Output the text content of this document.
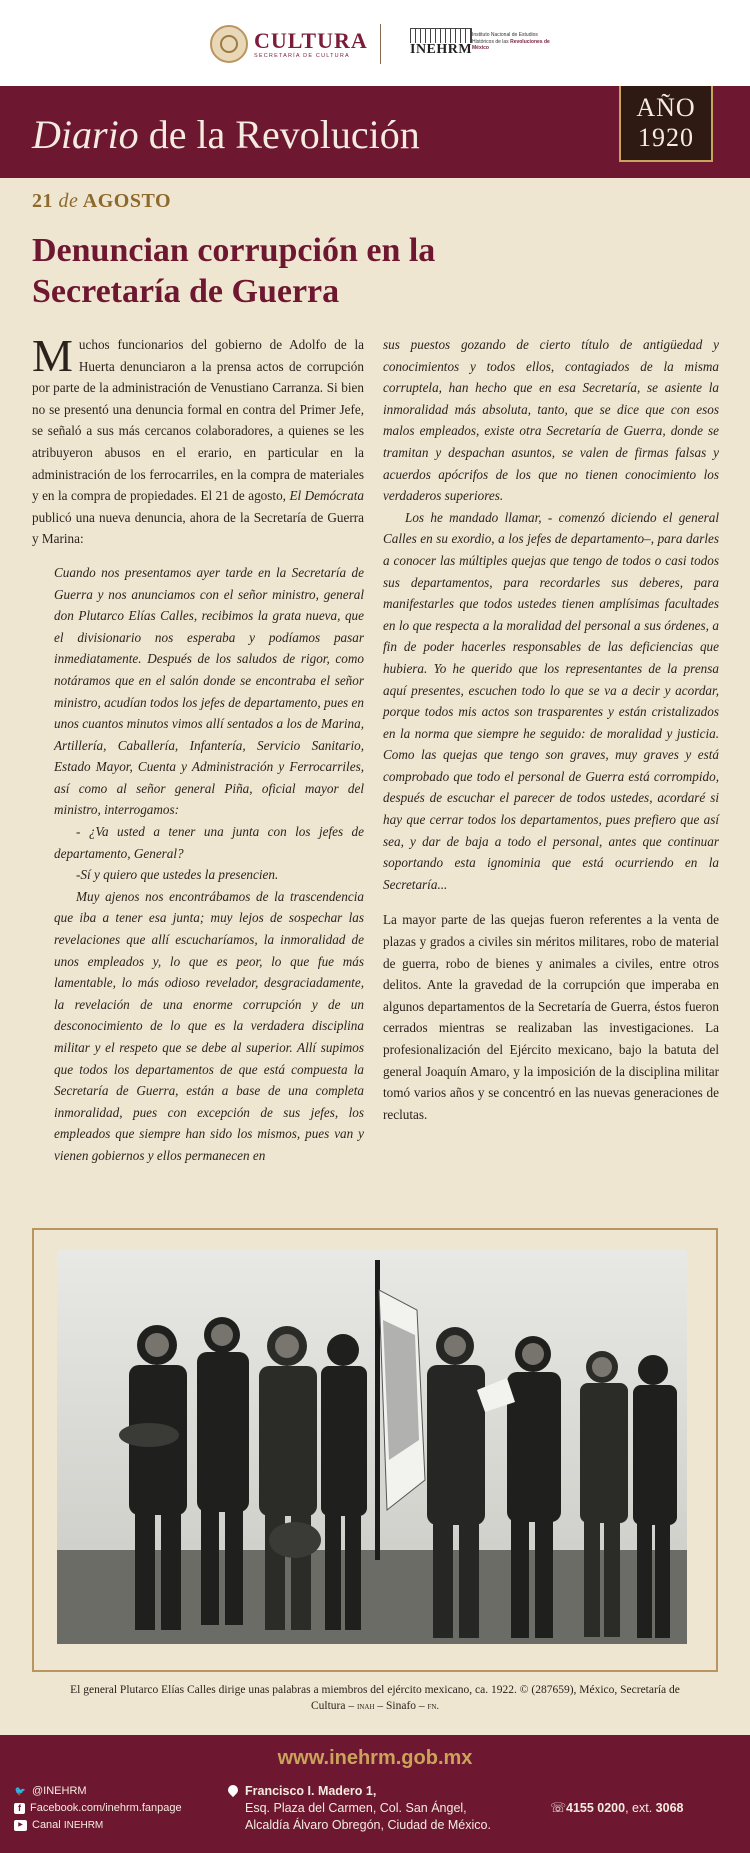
CULTURA
SECRETARÍA DE CULTURA	INEHRM
Instituto Nacional de Estudios Históricos de las Revoluciones de México
Diario de la Revolución
AÑO
1920
21 de AGOSTO
Denuncian corrupción en la Secretaría de Guerra

Muchos funcionarios del gobierno de Adolfo de la Huerta denunciaron a la prensa actos de corrupción por parte de la administración de Venustiano Carranza. Si bien no se presentó una denuncia formal en contra del Primer Jefe, se señaló a sus más cercanos colaboradores, a quienes se les atribuyeron abusos en el erario, en particular en la administración de los ferrocarriles, en la compra de materiales y en la compra de propiedades. El 21 de agosto, El Demócrata publicó una nueva denuncia, ahora de la Secretaría de Guerra y Marina:

Cuando nos presentamos ayer tarde en la Secretaría de Guerra y nos anunciamos con el señor ministro, general don Plutarco Elías Calles, recibimos la grata nueva, que el divisionario nos esperaba y podíamos pasar inmediatamente. Después de los saludos de rigor, como notáramos que en el salón donde se encontraba el señor ministro, acudían todos los jefes de departamento, pues en unos cuantos minutos vimos allí sentados a los de Marina, Artillería, Caballería, Infantería, Servicio Sanitario, Estado Mayor, Cuenta y Administración y Ferrocarriles, así como al señor general Piña, oficial mayor del ministro, interrogamos:

- ¿Va usted a tener una junta con los jefes de departamento, General?

-Sí y quiero que ustedes la presencien.

Muy ajenos nos encontrábamos de la trascendencia que iba a tener esa junta; muy lejos de sospechar las revelaciones que allí escucharíamos, la inmoralidad de unos empleados y, lo que es peor, lo que fue más lamentable, lo más odioso revelador, desgraciadamente, la revelación de una enorme corrupción y de un desconocimiento de lo que es la verdadera disciplina militar y el respeto que se debe al superior. Allí supimos que todos los departamentos de que está compuesta la Secretaría de Guerra, están a base de una completa inmoralidad, pues con excepción de sus jefes, los empleados que siempre han sido los mismos, pues van y vienen gobiernos y ellos permanecen en

sus puestos gozando de cierto título de antigüedad y conocimientos y todos ellos, contagiados de la misma corruptela, han hecho que en esa Secretaría, se asiente la inmoralidad más absoluta, tanto, que se dice que con esos malos empleados, existe otra Secretaría de Guerra, donde se tramitan y despachan asuntos, se valen de firmas falsas y acuerdos apócrifos de los que no tienen conocimiento los verdaderos superiores.

Los he mandado llamar, - comenzó diciendo el general Calles en su exordio, a los jefes de departamento–, para darles a conocer las múltiples quejas que tengo de todos o casi todos sus departamentos, para recordarles sus deberes, para manifestarles que todos ustedes tienen amplísimas facultades en lo que respecta a la moralidad del personal a sus órdenes, a fin de poder hacerles responsables de las deficiencias que hubiera. Yo he querido que los representantes de la prensa aquí presentes, escuchen todo lo que se va a decir y acordar, porque todos mis actos son trasparentes y están cristalizados en la norma que siempre he seguido: de moralidad y justicia. Como las quejas que tengo son graves, muy graves y está comprobado que todo el personal de Guerra está corrompido, después de escuchar el parecer de todos ustedes, acordaré si hay que cerrar todos los departamentos, pues prefiero que así sea, y dar de baja a todo el personal, antes que continuar soportando esta ignominia que está ocurriendo en la Secretaría...

La mayor parte de las quejas fueron referentes a la venta de plazas y grados a civiles sin méritos militares, robo de material de guerra, robo de bienes y animales a civiles, entre otros delitos. Ante la gravedad de la corrupción que imperaba en algunos departamentos de la Secretaría de Guerra, éstos fueron cerrados mientras se realizaban las investigaciones. La profesionalización del Ejército mexicano, bajo la batuta del general Joaquín Amaro, y la imposición de la disciplina militar tomó varios años y se concentró en las nuevas generaciones de reclutas.

El general Plutarco Elías Calles dirige unas palabras a miembros del ejército mexicano, ca. 1922. © (287659), México, Secretaría de Cultura – inah – Sinafo – fn.
www.inehrm.gob.mx
🐦 @INEHRM
f Facebook.com/inehrm.fanpage
▶ Canal
INEHRM
Francisco I. Madero 1,
Esq. Plaza del Carmen, Col. San Ángel,
Alcaldía Álvaro Obregón, Ciudad de México.
☏ 4155 0200, ext. 3068
